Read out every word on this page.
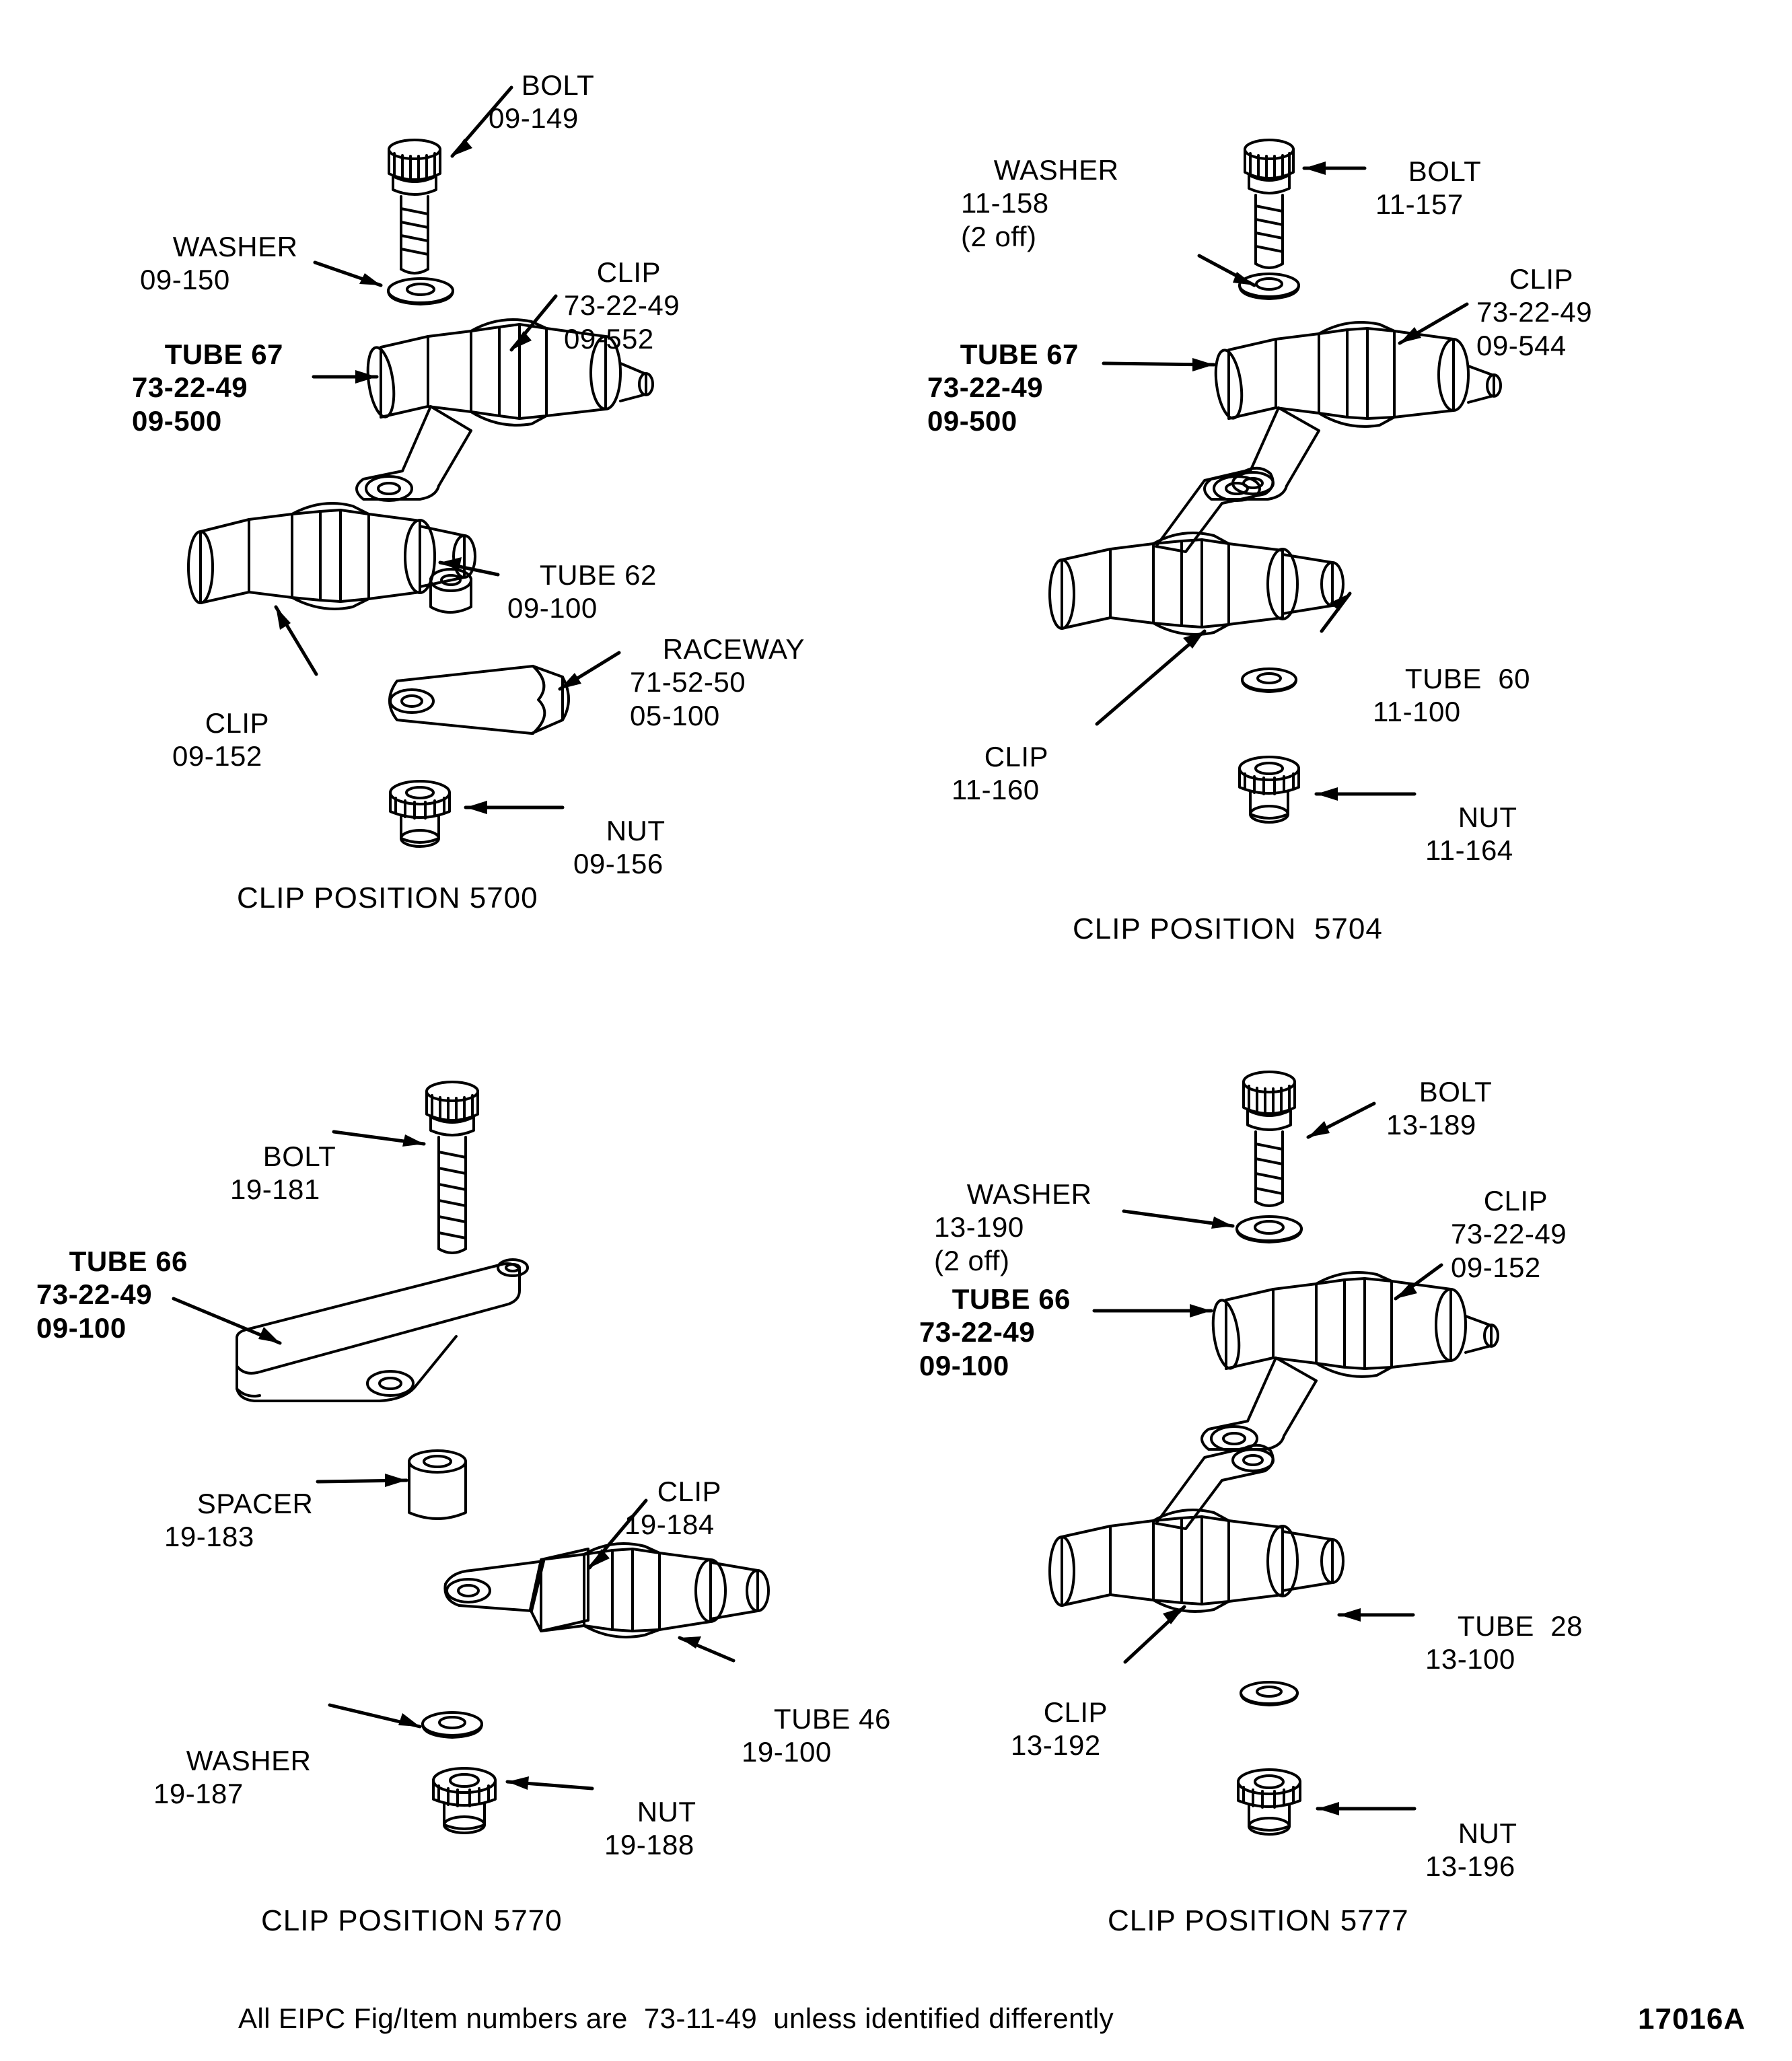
BOLT
09-149

WASHER
09-150
	CLIP
73-22-49
09-552

TUBE 67
73-22-49
09-500

TUBE 62
09-100

RACEWAY
71-52-50
05-100

CLIP
09-152

NUT
09-156

CLIP POSITION 5700

WASHER
11-158
(2 off)

BOLT
11-157

TUBE 67
73-22-49
09-500

CLIP
73-22-49
09-544

TUBE  60
11-100

CLIP
11-160

NUT
11-164

CLIP POSITION  5704

BOLT
19-181

TUBE 66
73-22-49
09-100

SPACER
19-183

CLIP
19-184

TUBE 46
19-100

WASHER
19-187

NUT
19-188

CLIP POSITION 5770

BOLT
13-189

WASHER
13-190
(2 off)

CLIP
73-22-49
09-152

TUBE 66
73-22-49
09-100

TUBE  28
13-100

CLIP
13-192

NUT
13-196

CLIP POSITION 5777
All EIPC Fig/Item numbers are  73-11-49  unless identified differently	17016A
